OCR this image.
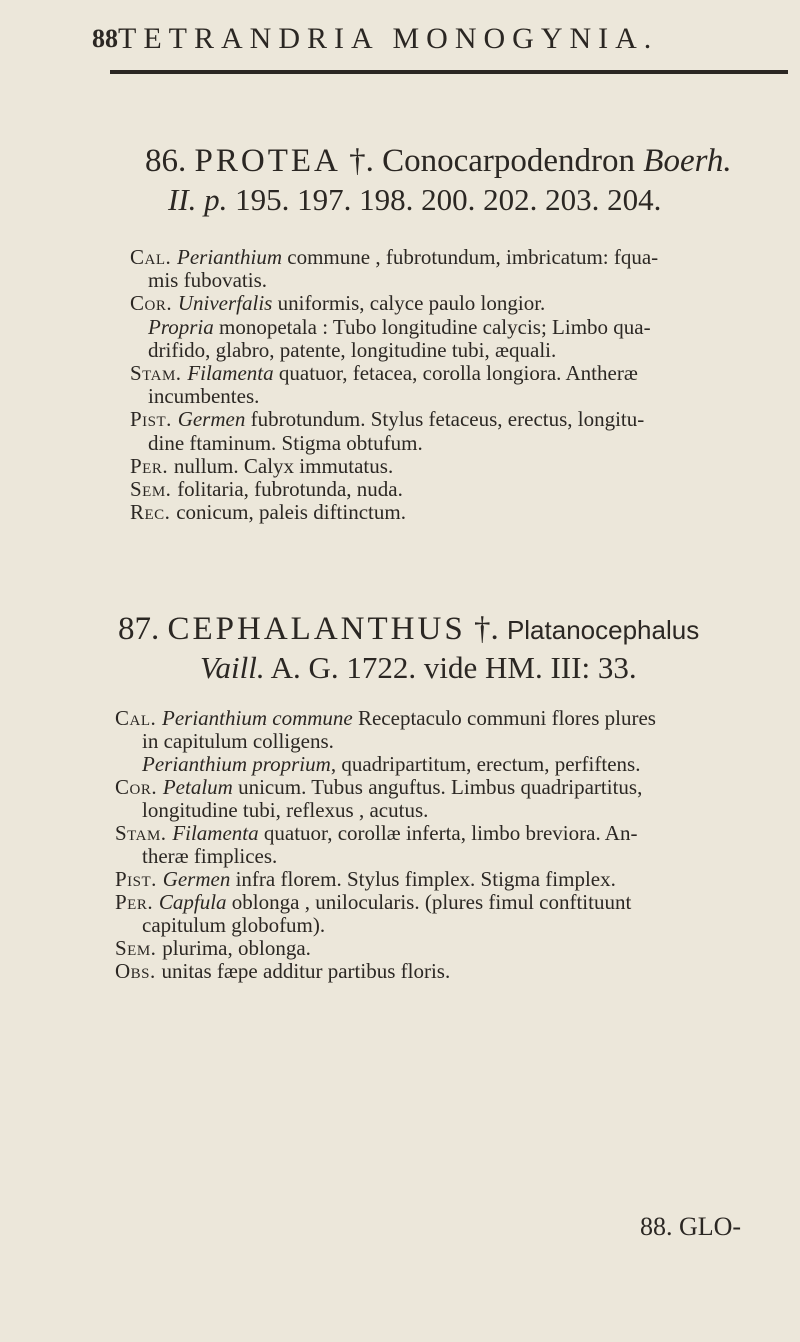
88 TETRANDRIA MONOGYNIA.
86. PROTEA †. Conocarpodendron Boerh.
II. p. 195. 197. 198. 200. 202. 203. 204.
Cal. Perianthium commune , fubrotundum, imbricatum: fqua-
mis fubovatis.
Cor. Univerfalis uniformis, calyce paulo longior.
Propria monopetala : Tubo longitudine calycis; Limbo qua-
drifido, glabro, patente, longitudine tubi, æquali.
Stam. Filamenta quatuor, fetacea, corolla longiora. Antheræ
incumbentes.
Pist. Germen fubrotundum. Stylus fetaceus, erectus, longitu-
dine ftaminum. Stigma obtufum.
Per. nullum. Calyx immutatus.
Sem. folitaria, fubrotunda, nuda.
Rec. conicum, paleis diftinctum.
87. CEPHALANTHUS †. Platanocephalus
Vaill. A. G. 1722. vide HM. III: 33.
Cal. Perianthium commune Receptaculo communi flores plures
in capitulum colligens.
Perianthium proprium, quadripartitum, erectum, perfiftens.
Cor. Petalum unicum. Tubus anguftus. Limbus quadripartitus,
longitudine tubi, reflexus , acutus.
Stam. Filamenta quatuor, corollæ inferta, limbo breviora. An-
theræ fimplices.
Pist. Germen infra florem. Stylus fimplex. Stigma fimplex.
Per. Capfula oblonga , unilocularis. (plures fimul conftituunt
capitulum globofum).
Sem. plurima, oblonga.
Obs. unitas fæpe additur partibus floris.
88. GLO-
